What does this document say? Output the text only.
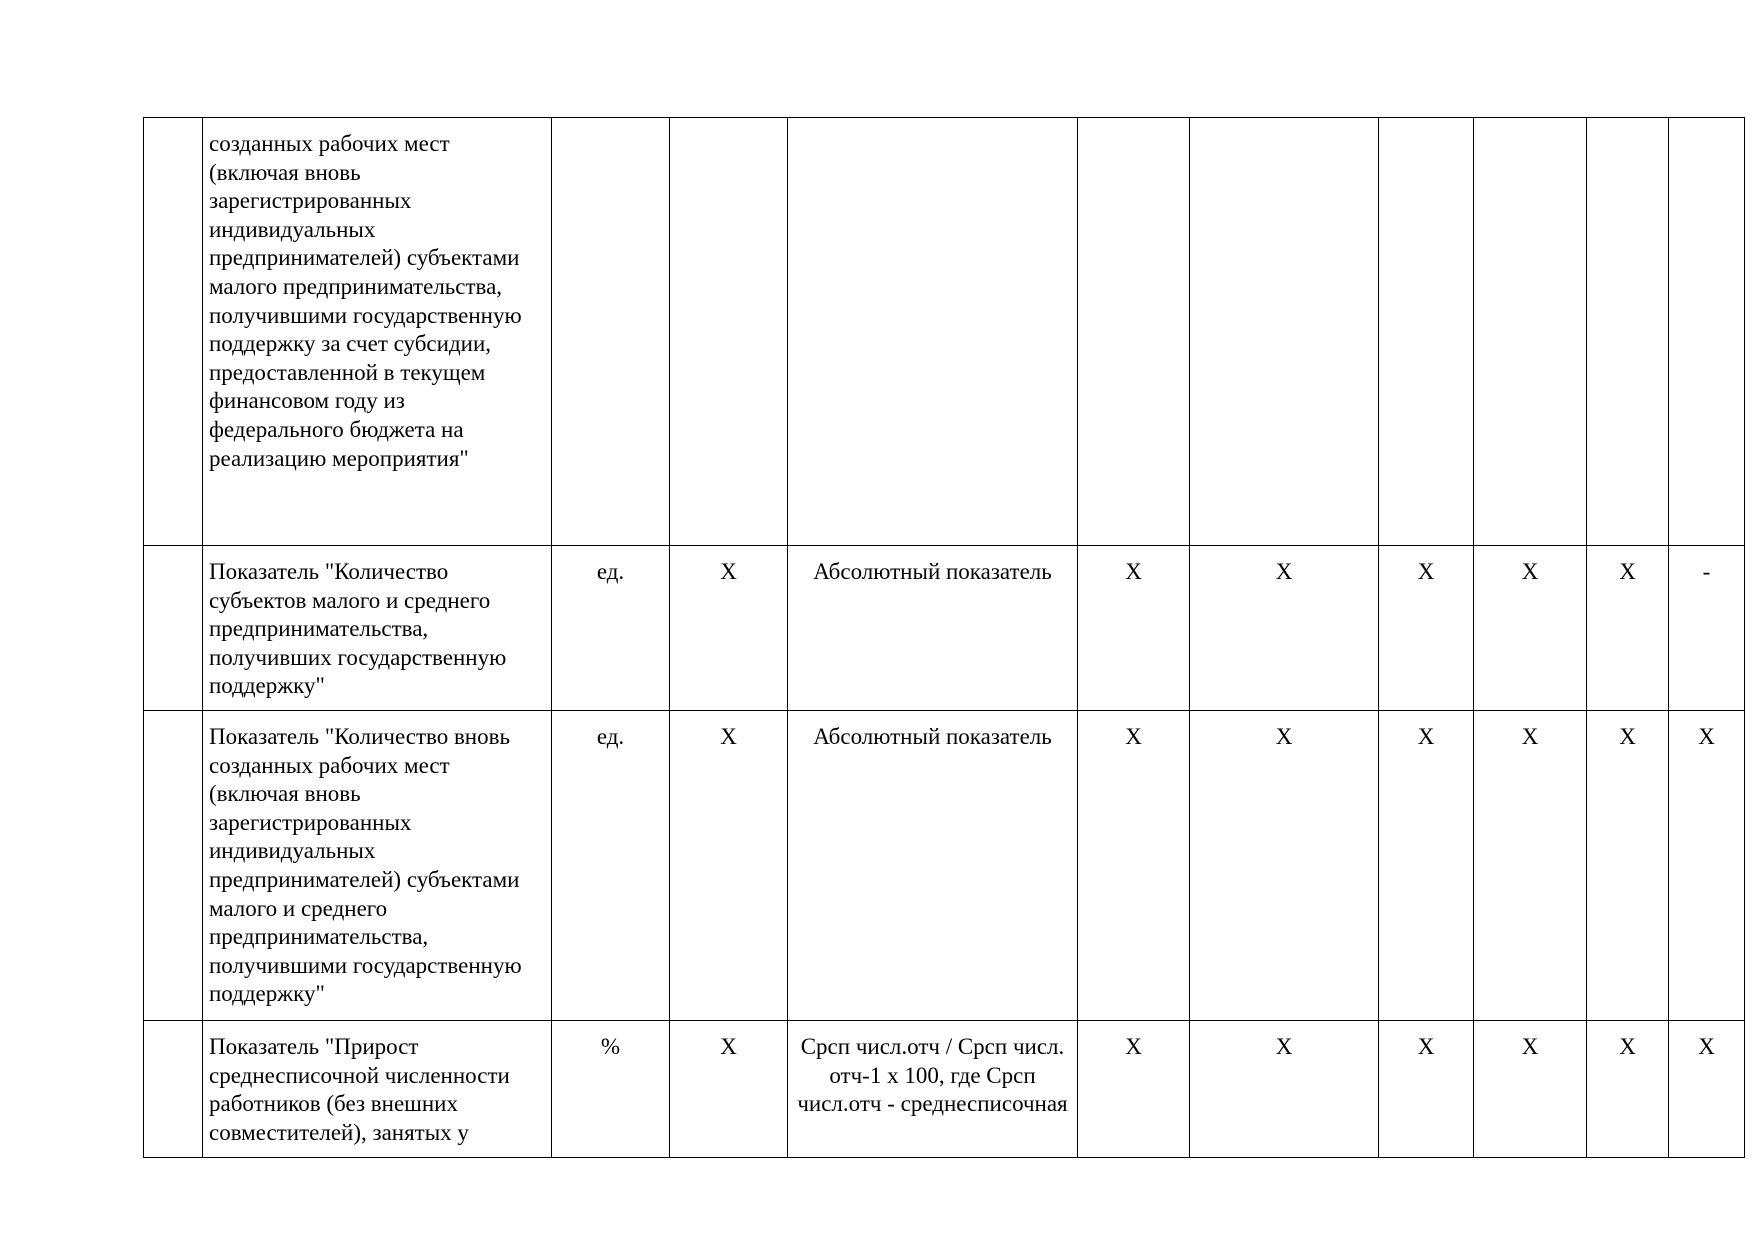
	созданных рабочих мест (включая вновь зарегистрированных индивидуальных предпринимателей) субъектами малого предпринимательства, получившими государственную поддержку за счет субсидии, предоставленной в текущем финансовом году из федерального бюджета на реализацию мероприятия"									
	Показатель "Количество субъектов малого и среднего предпринимательства, получивших государственную поддержку"	ед.	X	Абсолютный показатель	X	X	X	X	X	-
	Показатель "Количество вновь созданных рабочих мест (включая вновь зарегистрированных индивидуальных предпринимателей) субъектами малого и среднего предпринимательства, получившими государственную поддержку"	ед.	X	Абсолютный показатель	X	X	X	X	X	X
	Показатель "Прирост среднесписочной численности работников (без внешних совместителей), занятых у	%	X	Срсп числ.отч / Срсп числ. отч-1 х 100, где Срсп числ.отч - среднесписочная	X	X	X	X	X	X
